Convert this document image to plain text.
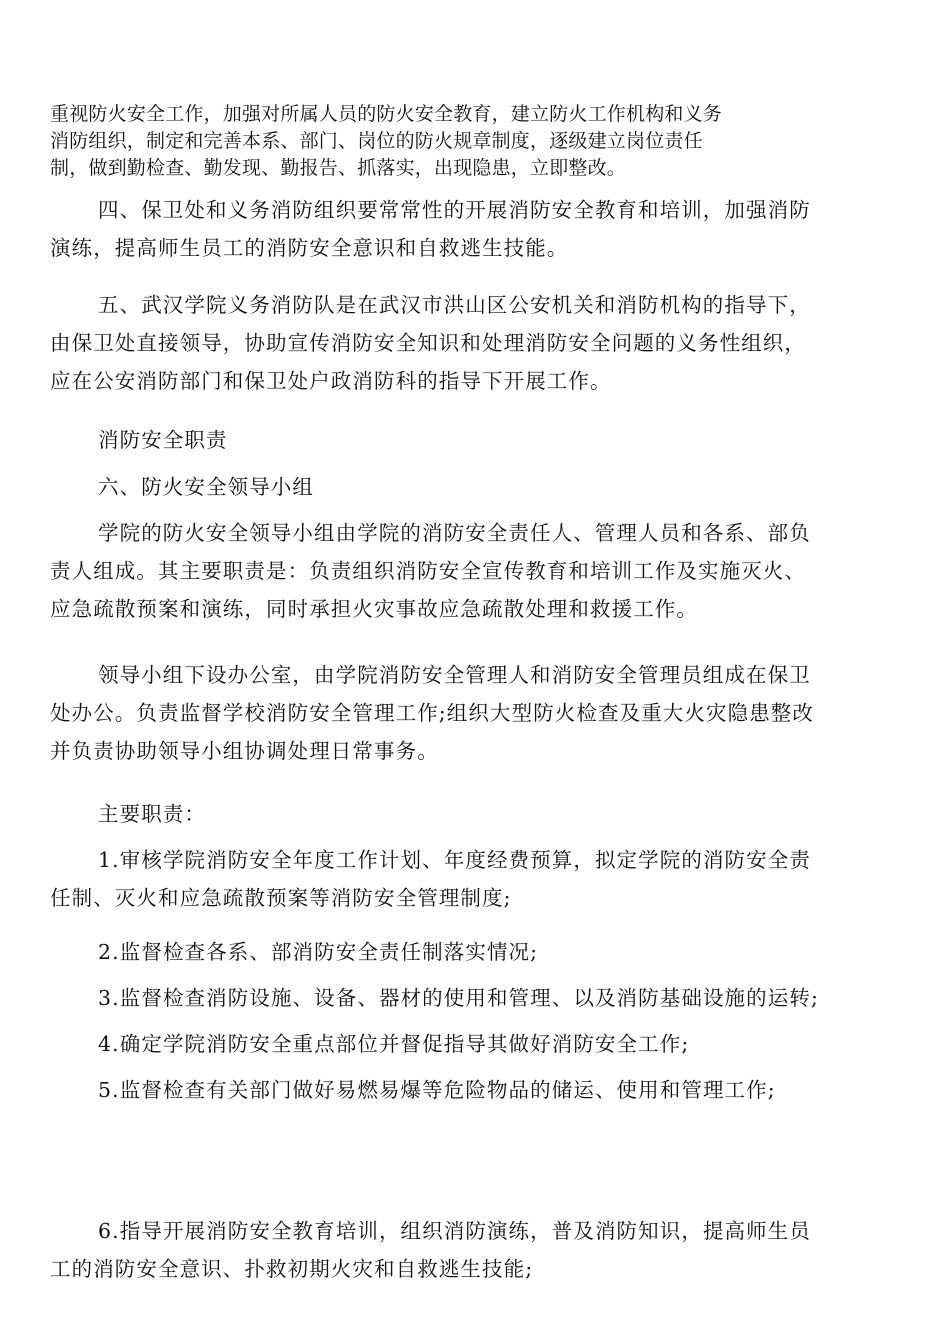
重视防火安全工作，加强对所属人员的防火安全教育，建立防火工作机构和义务
消防组织，制定和完善本系、部门、岗位的防火规章制度，逐级建立岗位责任
制，做到勤检查、勤发现、勤报告、抓落实，出现隐患，立即整改。
四、保卫处和义务消防组织要常常性的开展消防安全教育和培训，加强消防
演练，提高师生员工的消防安全意识和自救逃生技能。
五、武汉学院义务消防队是在武汉市洪山区公安机关和消防机构的指导下，
由保卫处直接领导，协助宣传消防安全知识和处理消防安全问题的义务性组织，
应在公安消防部门和保卫处户政消防科的指导下开展工作。
消防安全职责
六、防火安全领导小组
学院的防火安全领导小组由学院的消防安全责任人、管理人员和各系、部负
责人组成。其主要职责是：负责组织消防安全宣传教育和培训工作及实施灭火、
应急疏散预案和演练，同时承担火灾事故应急疏散处理和救援工作。
领导小组下设办公室，由学院消防安全管理人和消防安全管理员组成在保卫
处办公。负责监督学校消防安全管理工作;组织大型防火检查及重大火灾隐患整改
并负责协助领导小组协调处理日常事务。
主要职责：
1.审核学院消防安全年度工作计划、年度经费预算，拟定学院的消防安全责
任制、灭火和应急疏散预案等消防安全管理制度;
2.监督检查各系、部消防安全责任制落实情况;
3.监督检查消防设施、设备、器材的使用和管理、以及消防基础设施的运转;
4.确定学院消防安全重点部位并督促指导其做好消防安全工作;
5.监督检查有关部门做好易燃易爆等危险物品的储运、使用和管理工作;
6.指导开展消防安全教育培训，组织消防演练，普及消防知识，提高师生员
工的消防安全意识、扑救初期火灾和自救逃生技能;
